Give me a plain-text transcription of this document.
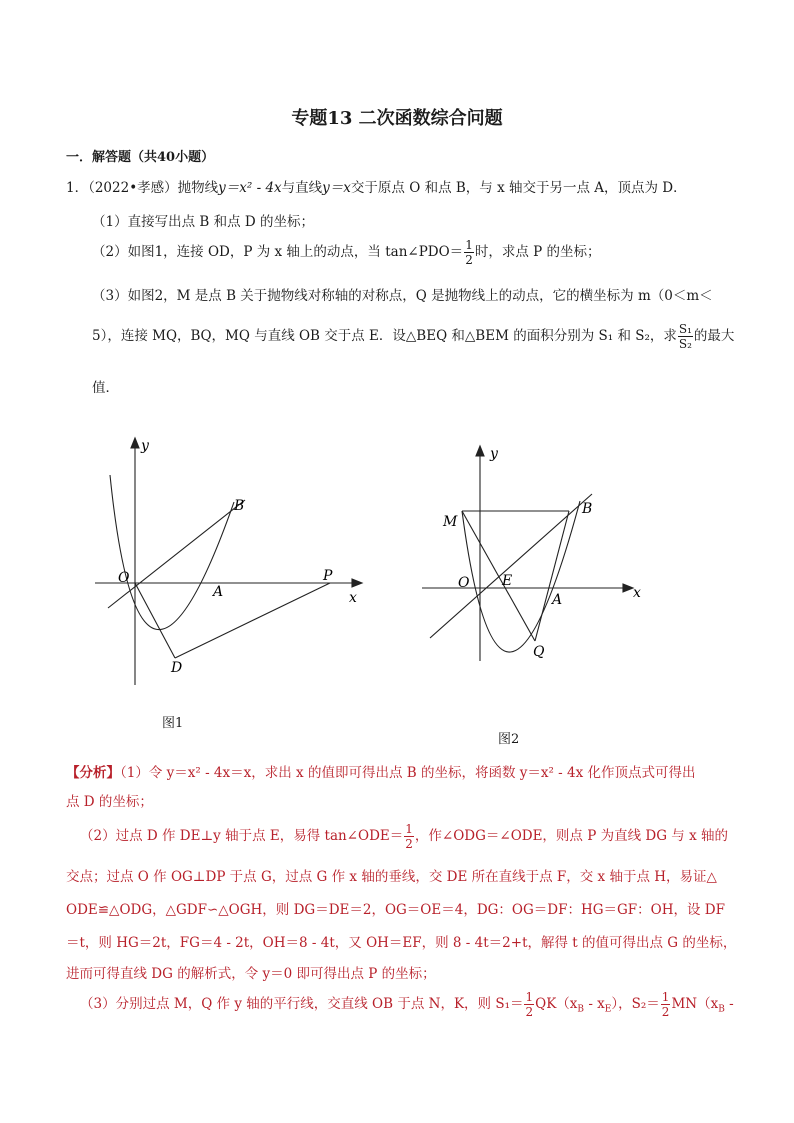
专题13 二次函数综合问题
一．解答题（共40小题）
1．（2022•孝感）抛物线y＝x² - 4x与直线y＝x交于原点 O 和点 B，与 x 轴交于另一点 A，顶点为 D．
（1）直接写出点 B 和点 D 的坐标；
（2）如图1，连接 OD，P 为 x 轴上的动点，当 tan∠PDO＝ $\frac{1}{2}$ 时，求点 P 的坐标；
（3）如图2，M 是点 B 关于抛物线对称轴的对称点，Q 是抛物线上的动点，它的横坐标为 m（0＜m＜
5），连接 MQ，BQ，MQ 与直线 OB 交于点 E．设△BEQ 和△BEM 的面积分别为 S₁ 和 S₂，求 $\frac{\text{S₁}}{\text{S₂}}$ 的最大
值．
y
x
O
A
B
D
P
图1
y
x
O E
A
B
M
Q
图2
【分析】（1）令 y＝x² - 4x＝x，求出 x 的值即可得出点 B 的坐标，将函数 y＝x² - 4x 化作顶点式可得出
点 D 的坐标；
（2）过点 D 作 DE⊥y 轴于点 E，易得 tan∠ODE＝ $\frac{1}{2}$ ，作∠ODG＝∠ODE，则点 P 为直线 DG 与 x 轴的
交点；过点 O 作 OG⊥DP 于点 G，过点 G 作 x 轴的垂线，交 DE 所在直线于点 F，交 x 轴于点 H，易证△
ODE≌△ODG，△GDF∽△OGH，则 DG＝DE＝2，OG＝OE＝4，DG：OG＝DF：HG＝GF：OH，设 DF
＝t，则 HG＝2t，FG＝4 - 2t，OH＝8 - 4t，又 OH＝EF，则 8 - 4t＝2+t，解得 t 的值可得出点 G 的坐标，
进而可得直线 DG 的解析式，令 y＝0 即可得出点 P 的坐标；
（3）分别过点 M，Q 作 y 轴的平行线，交直线 OB 于点 N，K，则 $S_1= \frac{1}{2} QK(x_B - x_E)$，$S_2= \frac{1}{2} MN(x_B$ -
